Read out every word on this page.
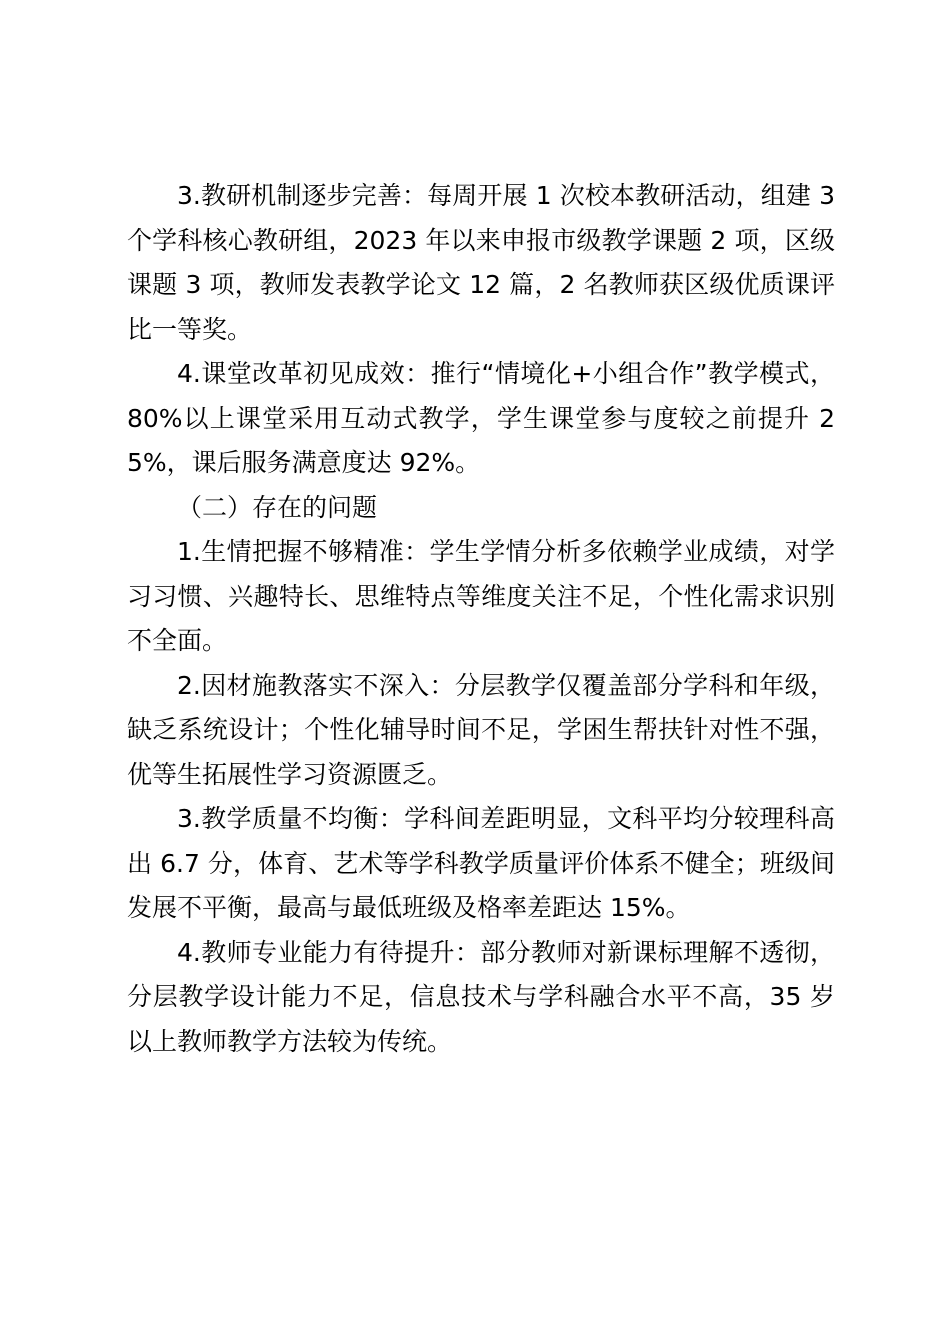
3.教研机制逐步完善：每周开展 1 次校本教研活动，组建 3 个学科核心教研组，2023 年以来申报市级教学课题 2 项，区级课题 3 项，教师发表教学论文 12 篇，2 名教师获区级优质课评比一等奖。

4.课堂改革初见成效：推行“情境化+小组合作”教学模式，80%以上课堂采用互动式教学，学生课堂参与度较之前提升 25%，课后服务满意度达 92%。

（二）存在的问题

1.生情把握不够精准：学生学情分析多依赖学业成绩，对学习习惯、兴趣特长、思维特点等维度关注不足，个性化需求识别不全面。

2.因材施教落实不深入：分层教学仅覆盖部分学科和年级，缺乏系统设计；个性化辅导时间不足，学困生帮扶针对性不强，优等生拓展性学习资源匮乏。

3.教学质量不均衡：学科间差距明显，文科平均分较理科高出 6.7 分，体育、艺术等学科教学质量评价体系不健全；班级间发展不平衡，最高与最低班级及格率差距达 15%。

4.教师专业能力有待提升：部分教师对新课标理解不透彻，分层教学设计能力不足，信息技术与学科融合水平不高，35 岁以上教师教学方法较为传统。
